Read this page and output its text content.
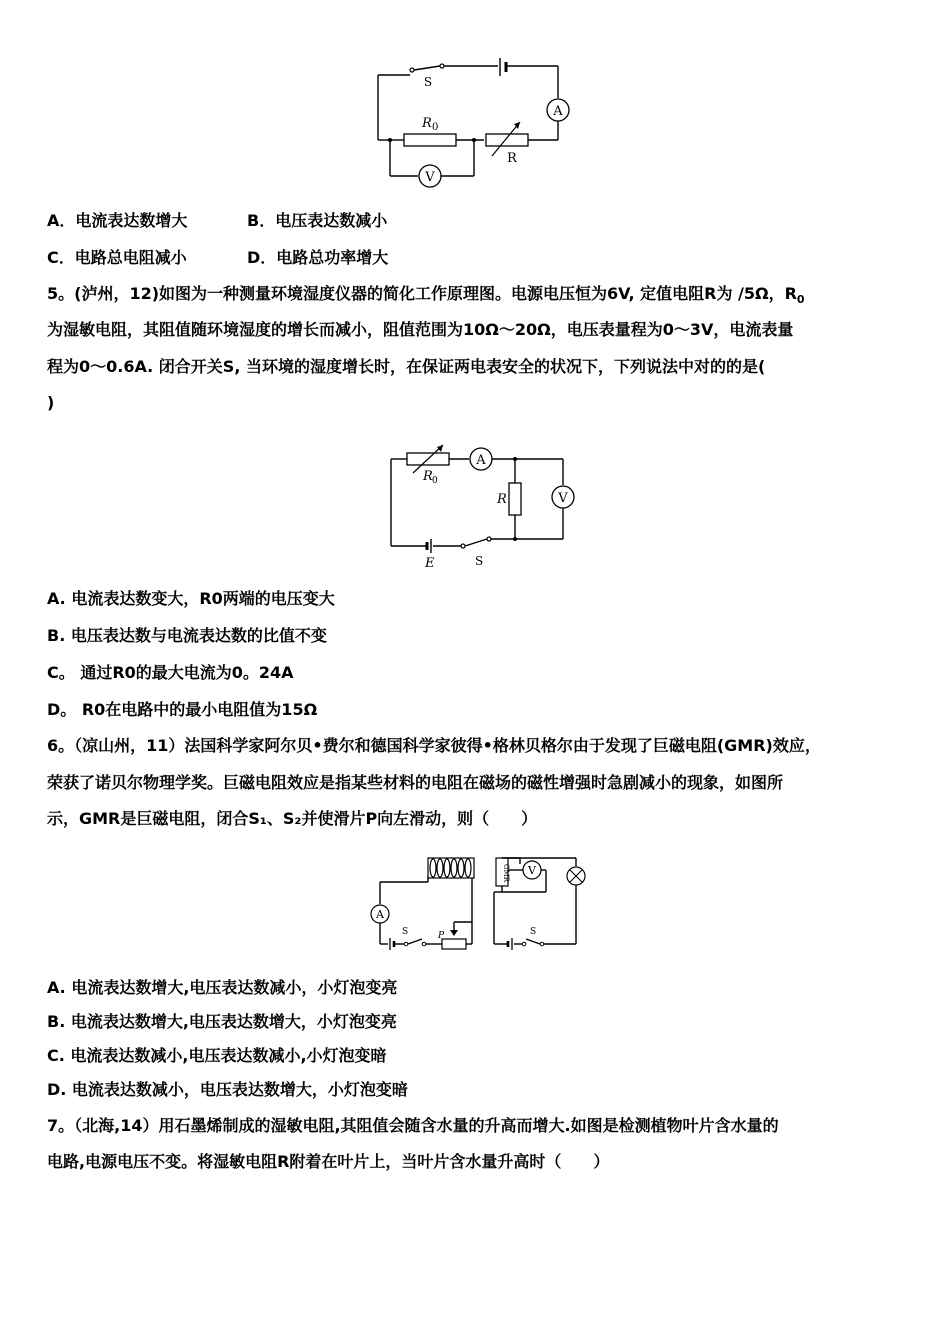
A
V
S
R 0
R
A．电流表达数增大	B．电压表达数减小
C．电路总电阻减小	D．电路总功率增大
5。(泸州，12)如图为一种测量环境湿度仪器的简化工作原理图。电源电压恒为6V, 定值电阻R为 /5Ω，$R_0$
为湿敏电阻，其阻值随环境湿度的增长而减小，阻值范围为10Ω～20Ω，电压表量程为0～3V，电流表量
程为0～0.6A. 闭合开关S, 当环境的湿度增长时，在保证两电表安全的状况下，下列说法中对的的是(
)
A
V
R 0
R
E	S
A. 电流表达数变大，R0两端的电压变大
B. 电压表达数与电流表达数的比值不变
C。 通过R0的最大电流为0。24A
D。 R0在电路中的最小电阻值为15Ω
6。（凉山州，11）法国科学家阿尔贝•费尔和德国科学家彼得•格林贝格尔由于发现了巨磁电阻(GMR)效应，
荣获了诺贝尔物理学奖。巨磁电阻效应是指某些材料的电阻在磁场的磁性增强时急剧减小的现象，如图所
示，GMR是巨磁电阻，闭合S₁、S₂并使滑片P向左滑动，则（　　）
A
S	P
GMR V
S
A. 电流表达数增大,电压表达数减小，小灯泡变亮
B. 电流表达数增大,电压表达数增大，小灯泡变亮
C. 电流表达数减小,电压表达数减小,小灯泡变暗
D. 电流表达数减小，电压表达数增大，小灯泡变暗
7。（北海,14）用石墨烯制成的湿敏电阻,其阻值会随含水量的升高而增大.如图是检测植物叶片含水量的
电路,电源电压不变。将湿敏电阻R附着在叶片上，当叶片含水量升高时（　　）
